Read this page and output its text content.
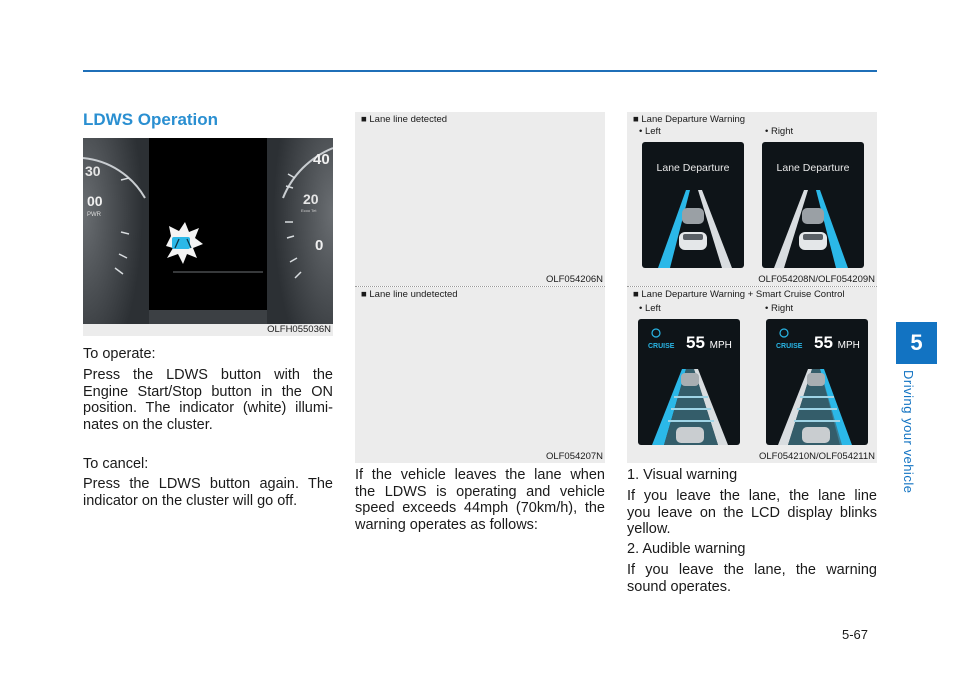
5
Driving your vehicle
LDWS Operation
30
00
PWR
40
20
Ecoo Tet
0
OLFH055036N

To operate:

Press the LDWS button with the
Engine Start/Stop button in the ON
position. The indicator (white) illumi-
nates on the cluster.

To cancel:

Press the LDWS button again. The
indicator on the cluster will go off.
■ Lane line detected
OLF054206N
■ Lane line undetected
OLF054207N
If the vehicle leaves the lane when
the LDWS is operating and vehicle
speed exceeds 44mph (70km/h), the
warning operates as follows:
■ Lane Departure Warning
• Left	• Right
Lane Departure	Lane Departure
OLF054208N/OLF054209N
■ Lane Departure Warning + Smart Cruise Control
• Left	• Right
CRUISE 55 MPH	CRUISE 55 MPH
OLF054210N/OLF054211N

1. Visual warning

If you leave the lane, the lane line
you leave on the LCD display blinks
yellow.

2. Audible warning

If you leave the lane, the warning
sound operates.
5-67
